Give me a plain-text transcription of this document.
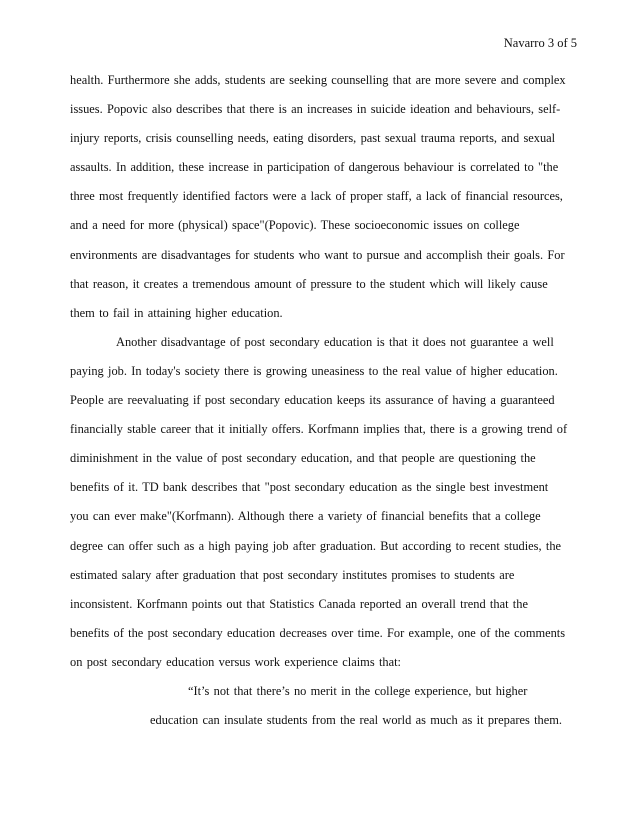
Navarro 3 of 5
health. Furthermore she adds, students are seeking counselling that are more severe and complex
issues. Popovic also describes that there is an increases in suicide ideation and behaviours, self-
injury reports, crisis counselling needs, eating disorders, past sexual trauma reports, and sexual
assaults. In addition, these increase in participation of dangerous behaviour is correlated to "the
three most frequently identified factors were a lack of proper staff, a lack of financial resources,
and a need for more (physical) space"(Popovic). These socioeconomic issues on college
environments are disadvantages for students who want to pursue and accomplish their goals. For
that reason, it creates a tremendous amount of pressure to the student which will likely cause
them to fail in attaining higher education.
Another disadvantage of post secondary education is that it does not guarantee a well
paying job. In today's society there is growing uneasiness to the real value of higher education.
People are reevaluating if post secondary education keeps its assurance of having a guaranteed
financially stable career that it initially offers. Korfmann implies that, there is a growing trend of
diminishment in the value of post secondary education, and that people are questioning the
benefits of it. TD bank describes that "post secondary education as the single best investment
you can ever make"(Korfmann). Although there a variety of financial benefits that a college
degree can offer such as a high paying job after graduation. But according to recent studies, the
estimated salary after graduation that post secondary institutes promises to students are
inconsistent. Korfmann points out that Statistics Canada reported an overall trend that the
benefits of the post secondary education decreases over time. For example, one of the comments
on post secondary education versus work experience claims that:
“It’s not that there’s no merit in the college experience, but higher
education can insulate students from the real world as much as it prepares them.
